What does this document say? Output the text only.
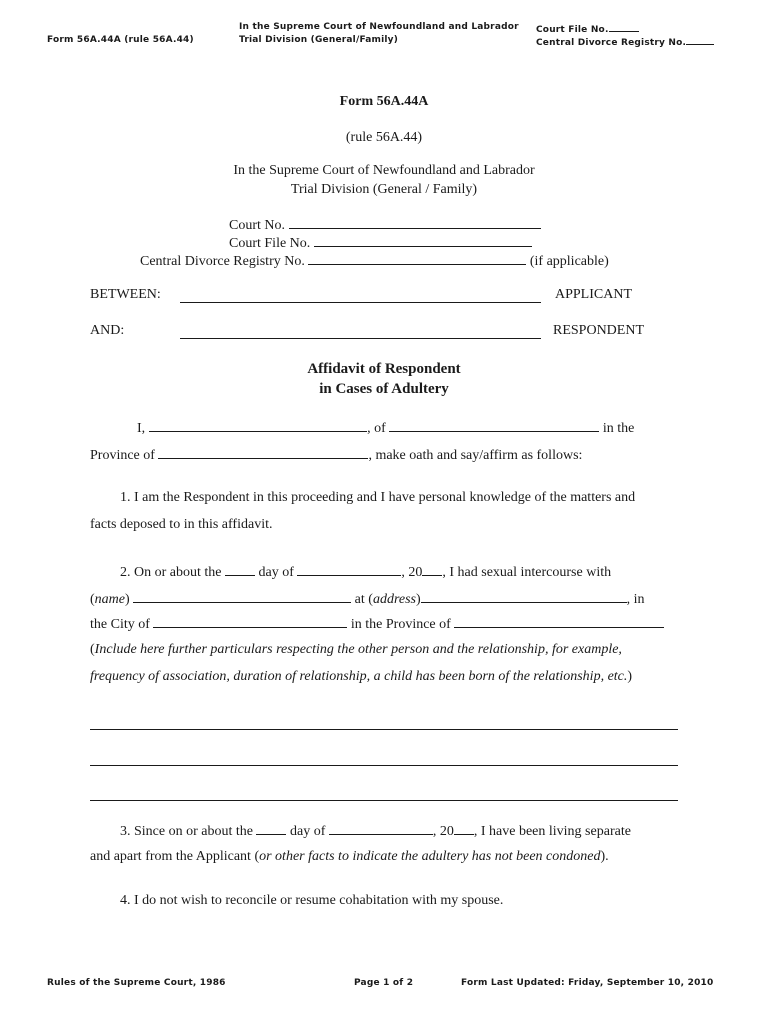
Form 56A.44A (rule 56A.44)
In the Supreme Court of Newfoundland and Labrador
Trial Division (General/Family)
Court File No.
Central Divorce Registry No.
Form 56A.44A
(rule 56A.44)
In the Supreme Court of Newfoundland and Labrador
Trial Division (General / Family)
Court No.
Court File No.
Central Divorce Registry No.	(if applicable)
BETWEEN:	APPLICANT
AND:	RESPONDENT
Affidavit of Respondent
in Cases of Adultery
I,	, of	in the
Province of	, make oath and say/affirm as follows:
1. I am the Respondent in this proceeding and I have personal knowledge of the matters and
facts deposed to in this affidavit.
2. On or about the	day of	, 20 , I had sexual intercourse with
(name)	at (address)	, in
the City of	in the Province of
(Include here further particulars respecting the other person and the relationship, for example,
frequency of association, duration of relationship, a child has been born of the relationship, etc.)
3. Since on or about the	day of	, 20 , I have been living separate
and apart from the Applicant (or other facts to indicate the adultery has not been condoned).
4. I do not wish to reconcile or resume cohabitation with my spouse.
Rules of the Supreme Court, 1986	Page 1 of 2	Form Last Updated: Friday, September 10, 2010
